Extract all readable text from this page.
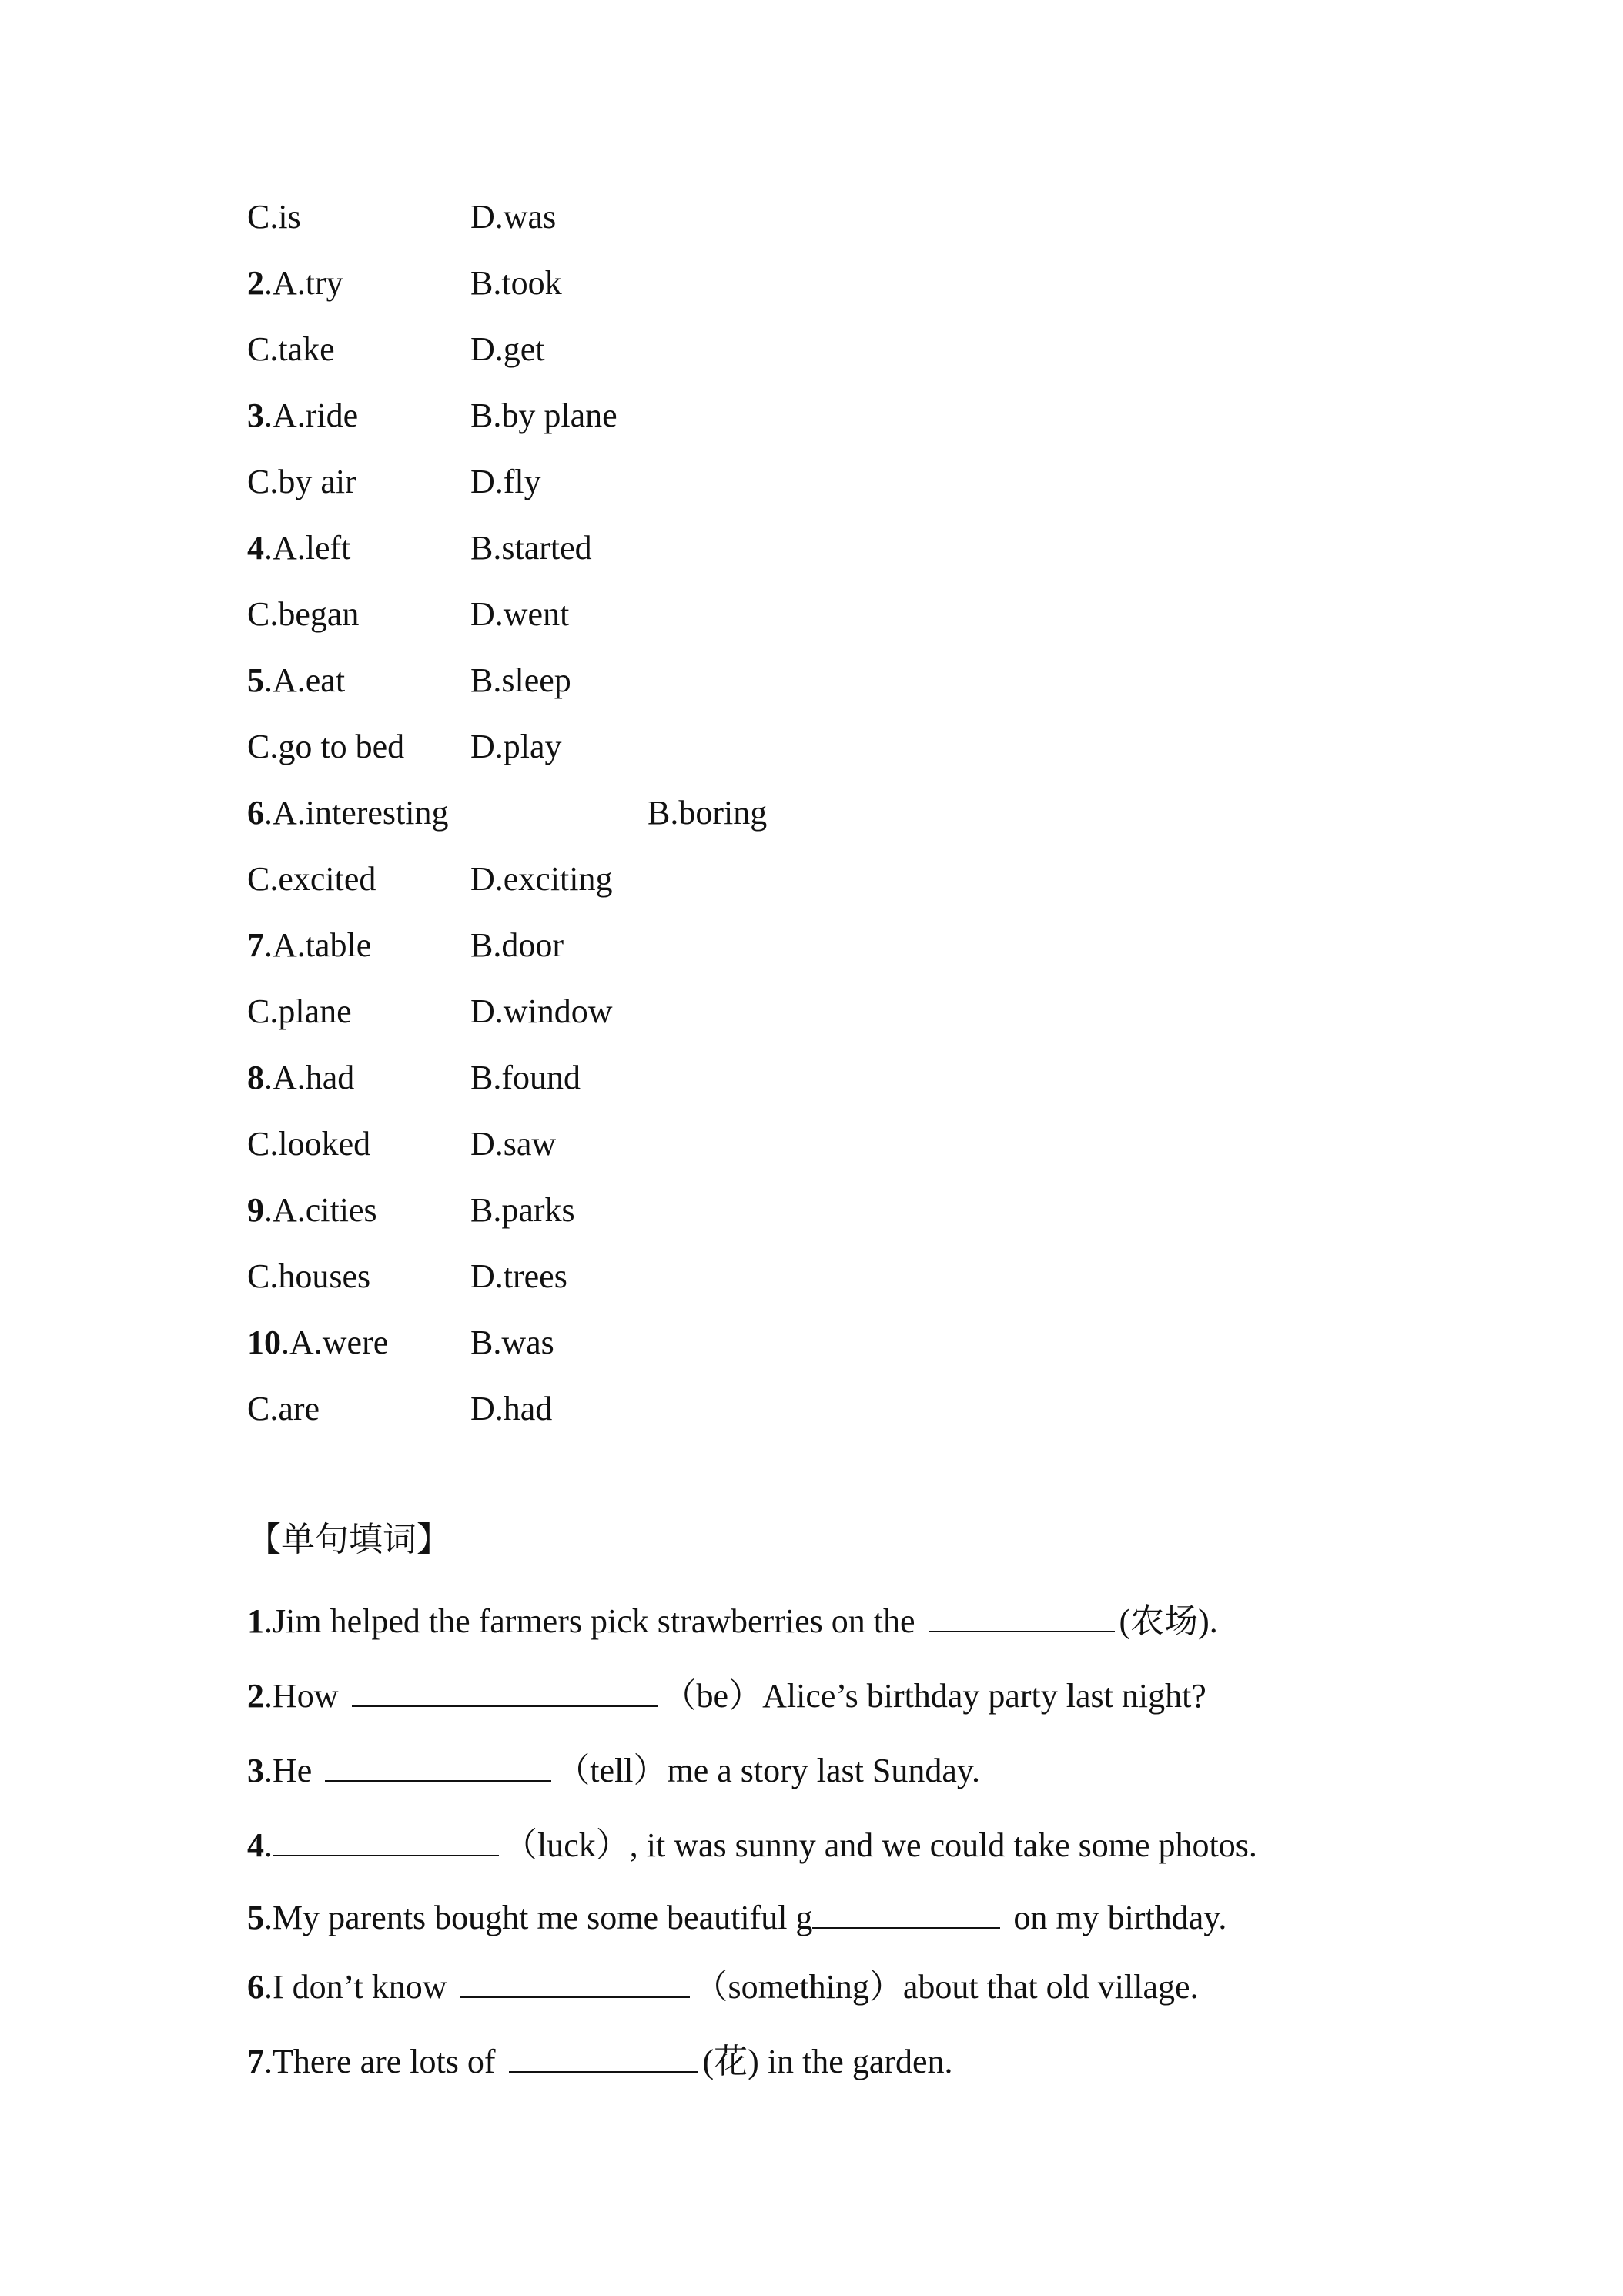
C.is	D.was
2.A.try	B.took
C.take	D.get
3.A.ride	B.by plane
C.by air	D.fly
4.A.left	B.started
C.began	D.went
5.A.eat	B.sleep
C.go to bed D.play
6.A.interesting	B.boring
C.excited	D.exciting
7.A.table	B.door
C.plane	D.window
8.A.had	B.found
C.looked	D.saw
9.A.cities	B.parks
C.houses	D.trees
10.A.were B.was
C.are	D.had
【单句填词】
1.Jim helped the farmers pick strawberries on the	(农场).
2.How	（be）Alice’s birthday party last night?
3.He	（tell）me a story last Sunday.
4.	（luck）, it was sunny and we could take some photos.
5.My parents bought me some beautiful g	on my birthday.
6.I don’t know	（something）about that old village.
7.There are lots of	(花) in the garden.
